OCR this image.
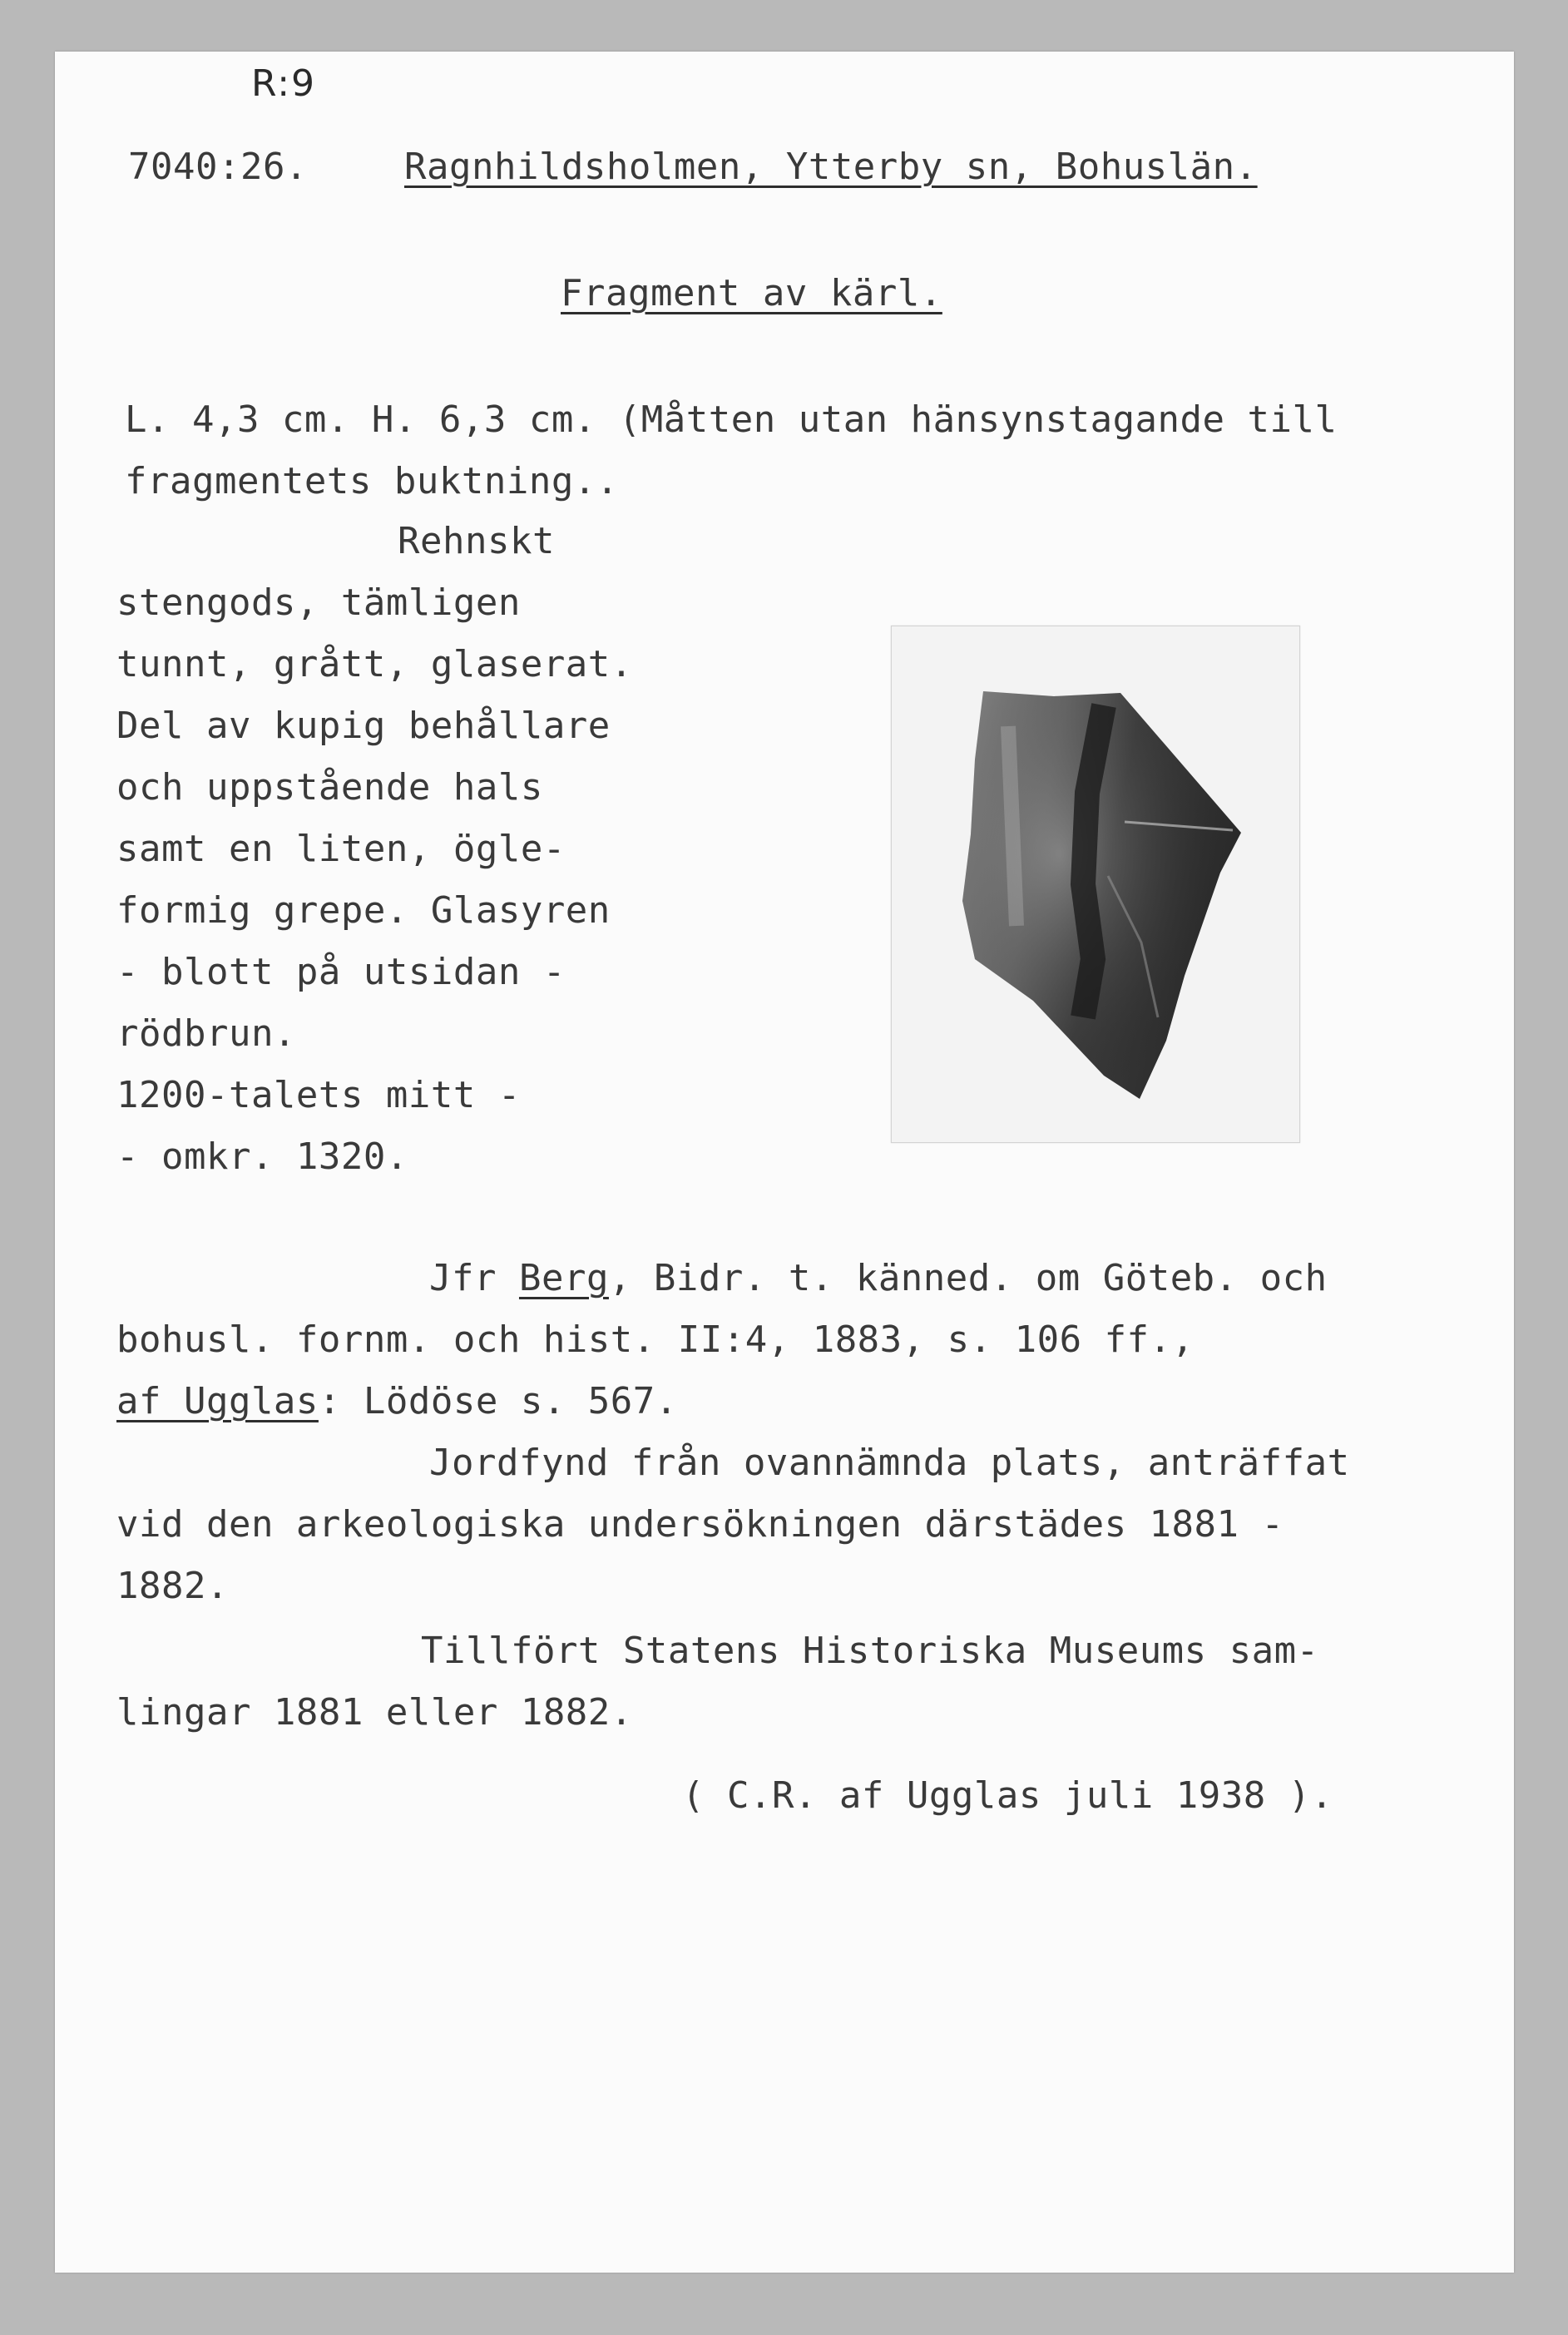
R:9
7040:26.	Ragnhildsholmen, Ytterby sn, Bohuslän.
Fragment av kärl.
L. 4,3 cm. H. 6,3 cm. (Måtten utan hänsynstagande till
fragmentets buktning..
Rehnskt
stengods, tämligen
tunnt, grått, glaserat.
Del av kupig behållare
och uppstående hals
samt en liten, ögle-
formig grepe. Glasyren
- blott på utsidan -
rödbrun.
1200-talets mitt -
- omkr. 1320.
Jfr Berg, Bidr. t. känned. om Göteb. och
bohusl. fornm. och hist. II:4, 1883, s. 106 ff.,
af Ugglas: Lödöse s. 567.
Jordfynd från ovannämnda plats, anträffat
vid den arkeologiska undersökningen därstädes 1881 -
1882.
Tillfört Statens Historiska Museums sam-
lingar 1881 eller 1882.
( C.R. af Ugglas juli 1938 ).
